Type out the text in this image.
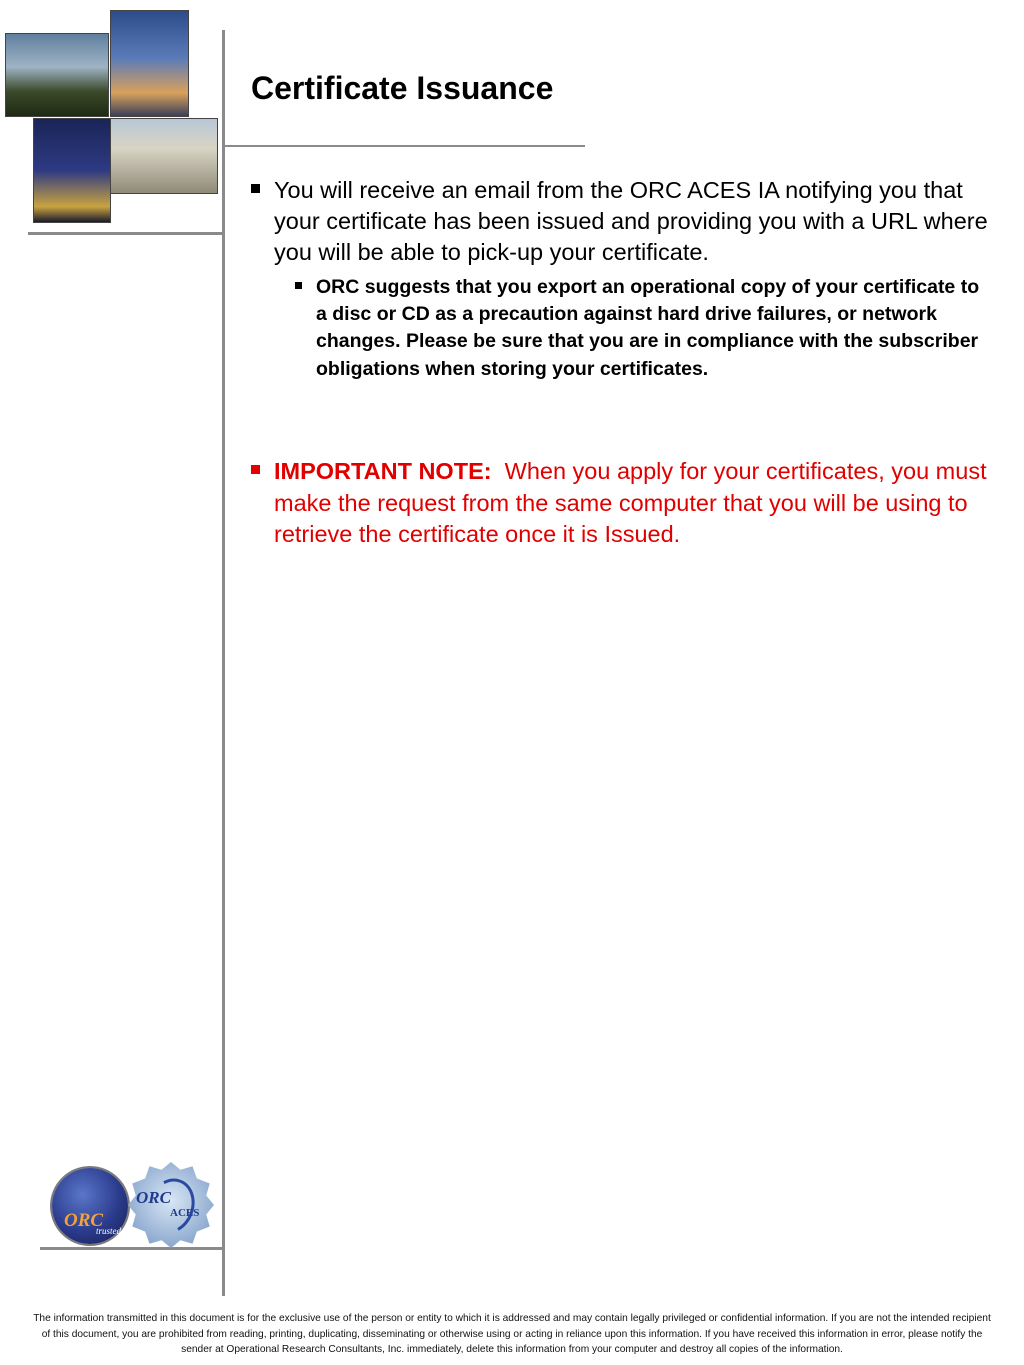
Certificate Issuance
You will receive an email from the ORC ACES IA notifying you that your certificate has been issued and providing you with a URL where you will be able to pick-up your certificate.
ORC suggests that you export an operational copy of your certificate to a disc or CD as a precaution against hard drive failures, or network changes. Please be sure that you are in compliance with the subscriber obligations when storing your certificates.
IMPORTANT NOTE: When you apply for your certificates, you must make the request from the same computer that you will be using to retrieve the certificate once it is Issued.
ORC
trusted
ORC
ACES
The information transmitted in this document is for the exclusive use of the person or entity to which it is addressed and may contain legally privileged or confidential information. If you are not the intended recipient of this document, you are prohibited from reading, printing, duplicating, disseminating or otherwise using or acting in reliance upon this information. If you have received this information in error, please notify the sender at Operational Research Consultants, Inc. immediately, delete this information from your computer and destroy all copies of the information.
